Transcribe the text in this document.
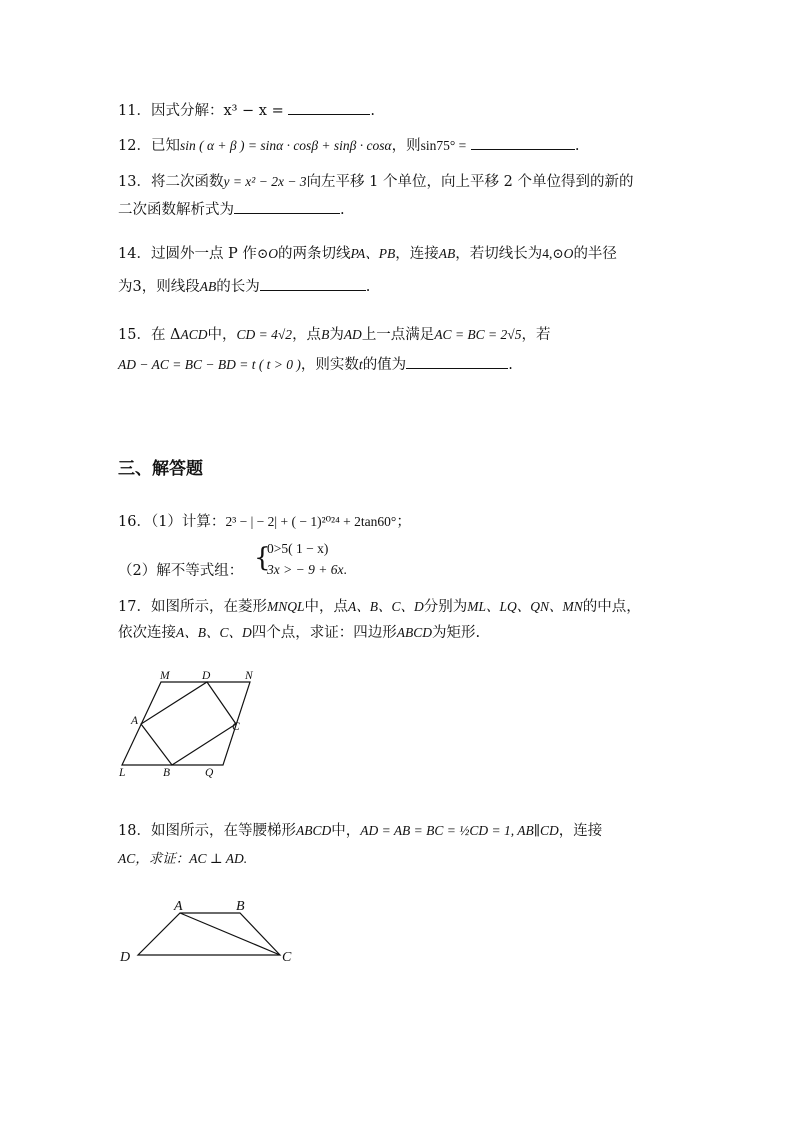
11．因式分解：x³ − x =	.
12．已知sin ( α + β ) = sinα · cosβ + sinβ · cosα，则sin75° =	.
13．将二次函数y = x² − 2x − 3向左平移 1 个单位，向上平移 2 个单位得到的新的
二次函数解析式为	.
14．过圆外一点 P 作⊙O的两条切线PA、PB，连接AB，若切线长为4,⊙O的半径
为3，则线段AB的长为	.
15．在 ΔACD中，CD = 4√2，点B为AD上一点满足AC = BC = 2√5，若
AD − AC = BC − BD = t ( t > 0 )，则实数t的值为	.
三、解答题
16．（1）计算：2³ − | − 2| + ( − 1)²⁰²⁴ + 2tan60°；
（2）解不等式组： {
0>5( 1 − x)
3x > − 9 + 6x.
17．如图所示，在菱形MNQL中，点A、B、C、D分别为ML、LQ、QN、MN的中点，
依次连接A、B、C、D四个点，求证：四边形ABCD为矩形.
M	D	N
A	C
L	B	Q
18．如图所示，在等腰梯形ABCD中，AD = AB = BC = ½CD = 1, AB∥CD，连接
AC，求证：AC ⊥ AD.
A	B
D	C
